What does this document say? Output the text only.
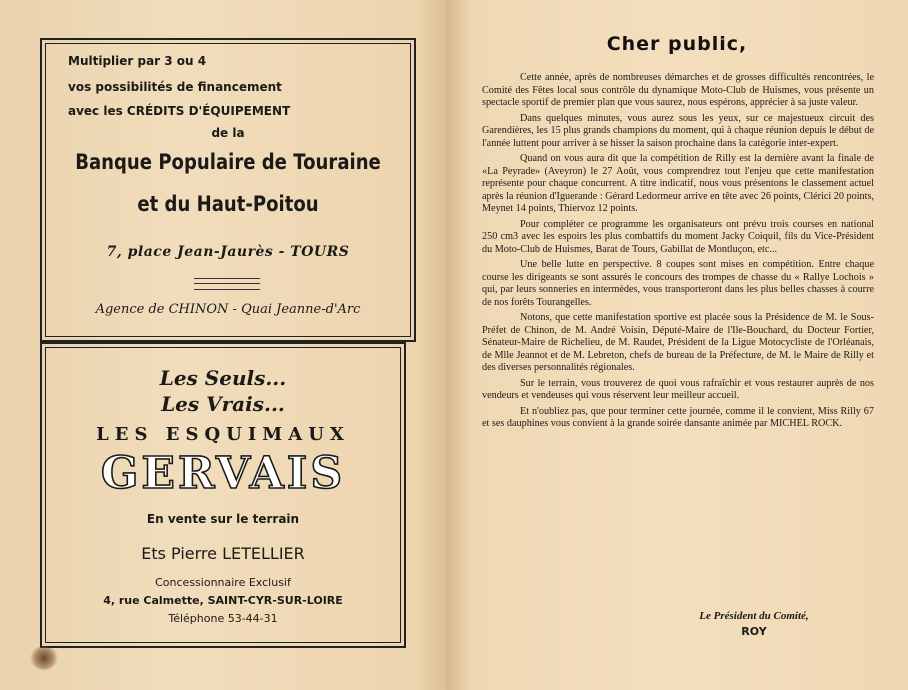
Multiplier par 3 ou 4
vos possibilités de financement
avec les CRÉDITS D'ÉQUIPEMENT
de la
Banque Populaire de Touraine
et du Haut-Poitou
7, place Jean-Jaurès - TOURS
Agence de CHINON - Quai Jeanne-d'Arc
Les Seuls...
Les Vrais...
LES ESQUIMAUX
GERVAIS
En vente sur le terrain
Ets Pierre LETELLIER
Concessionnaire Exclusif
4, rue Calmette, SAINT-CYR-SUR-LOIRE
Téléphone 53-44-31
Cher public,

Cette année, après de nombreuses démarches et de grosses difficultés rencontrées, le Comité des Fêtes local sous contrôle du dynamique Moto-Club de Huismes, vous présente un spectacle sportif de premier plan que vous saurez, nous espérons, apprécier à sa juste valeur.

Dans quelques minutes, vous aurez sous les yeux, sur ce majestueux circuit des Garendières, les 15 plus grands champions du moment, qui à chaque réunion depuis le début de l'année luttent pour arriver à se hisser la saison prochaine dans la catégorie inter-expert.

Quand on vous aura dit que la compétition de Rilly est la dernière avant la finale de «La Peyrade» (Aveyron) le 27 Août, vous comprendrez tout l'enjeu que cette manifestation représente pour chaque concurrent. A titre indicatif, nous vous présentons le classement actuel après la réunion d'Iguerande : Gérard Ledormeur arrive en tête avec 26 points, Clérici 20 points, Meynet 14 points, Thiervoz 12 points.

Pour compléter ce programme les organisateurs ont prévu trois courses en national 250 cm3 avec les espoirs les plus combattifs du moment Jacky Coiquil, fils du Vice-Président du Moto-Club de Huismes, Barat de Tours, Gabillat de Montluçon, etc...

Une belle lutte en perspective. 8 coupes sont mises en compétition. Entre chaque course les dirigeants se sont assurés le concours des trompes de chasse du « Rallye Lochois » qui, par leurs sonneries en intermèdes, vous transporteront dans les plus belles chasses à courre de nos forêts Tourangelles.

Notons, que cette manifestation sportive est placée sous la Présidence de M. le Sous-Préfet de Chinon, de M. André Voisin, Député-Maire de l'Ile-Bouchard, du Docteur Fortier, Sénateur-Maire de Richelieu, de M. Raudet, Président de la Ligue Motocycliste de l'Orléanais, de Mlle Jeannot et de M. Lebreton, chefs de bureau de la Préfecture, de M. le Maire de Rilly et des diverses personnalités régionales.

Sur le terrain, vous trouverez de quoi vous rafraîchir et vous restaurer auprès de nos vendeurs et vendeuses qui vous réservent leur meilleur accueil.

Et n'oubliez pas, que pour terminer cette journée, comme il le convient, Miss Rilly 67 et ses dauphines vous convient à la grande soirée dansante animée par MICHEL ROCK.

Le Président du Comité,
ROY
